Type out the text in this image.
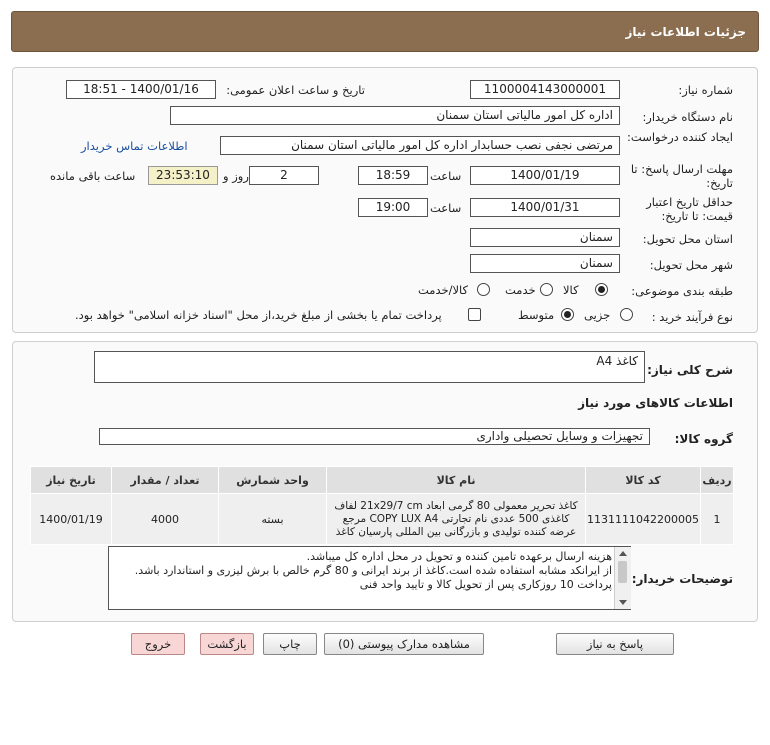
جزئیات اطلاعات نیاز
شماره نیاز:
1100004143000001
تاریخ و ساعت اعلان عمومی:
1400/01/16 - 18:51
نام دستگاه خریدار:
اداره کل امور مالیاتی استان سمنان
ایجاد کننده درخواست:
مرتضی نجفی نصب حسابدار اداره کل امور مالیاتی استان سمنان
اطلاعات تماس خریدار
مهلت ارسال پاسخ: تا تاریخ:
1400/01/19
ساعت
18:59
2
روز و
23:53:10
ساعت باقی مانده
حداقل تاریخ اعتبار قیمت: تا تاریخ:
1400/01/31
ساعت
19:00
استان محل تحویل:
سمنان
شهر محل تحویل:
سمنان
طبقه بندی موضوعی:
کالا
خدمت
کالا/خدمت
نوع فرآیند خرید :
جزیی
متوسط
پرداخت تمام یا بخشی از مبلغ خرید،از محل "اسناد خزانه اسلامی" خواهد بود.
شرح کلی نیاز:
کاغذ A4
اطلاعات کالاهای مورد نیاز
گروه کالا:
تجهیزات و وسایل تحصیلی واداری
ردیف	کد کالا	نام کالا	واحد شمارش	تعداد / مقدار	تاریخ نیاز
1	1131111042200005	کاغذ تحریر معمولی 80 گرمی ابعاد 21x29/7 cm لفاف کاغذی 500 عددی نام تجارتی COPY LUX A4 مرجع عرضه کننده تولیدی و بازرگانی بین المللی پارسیان کاغذ	بسته	4000	1400/01/19
توضیحات خریدار:
هزینه ارسال برعهده تامین کننده و تحویل در محل اداره کل میباشد.
از ایرانکد مشابه استفاده شده است.کاغذ از برند ایرانی و 80 گرم خالص با برش لیزری و استاندارد باشد.
پرداخت 10 روزکاری پس از تحویل کالا و تایید واحد فنی
پاسخ به نیاز
مشاهده مدارک پیوستی (0)
چاپ
بازگشت
خروج
